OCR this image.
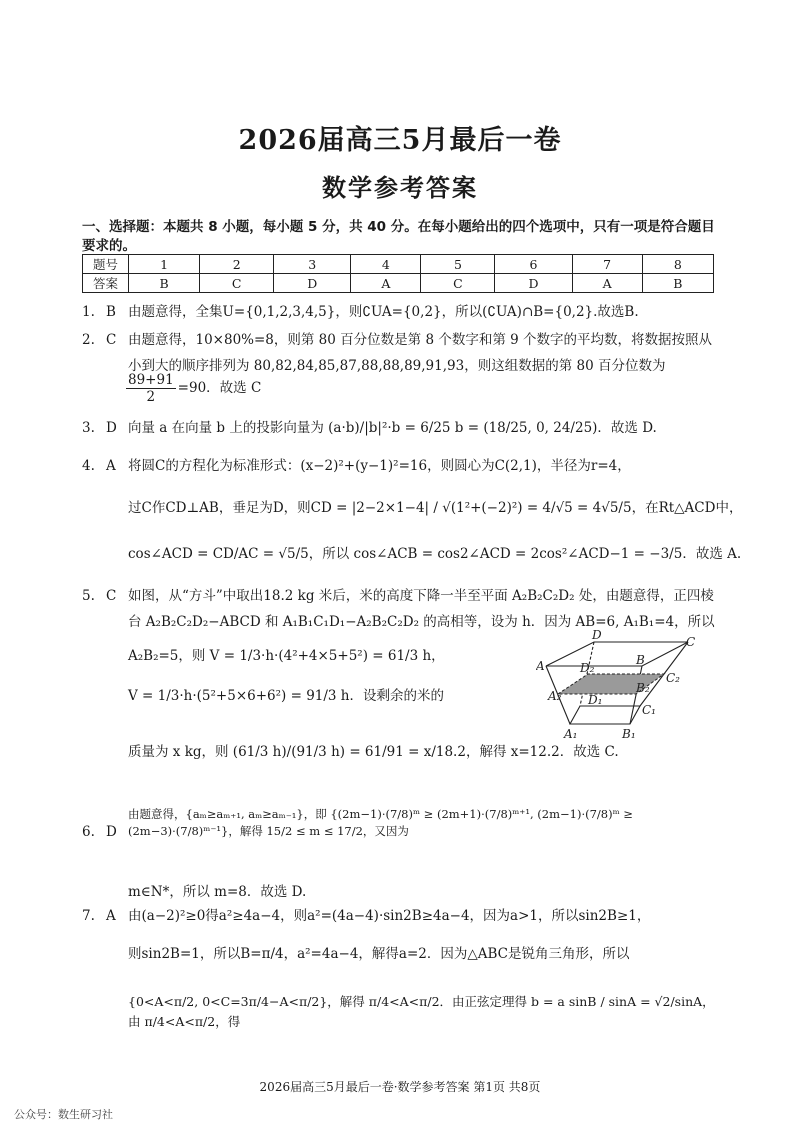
2026届高三5月最后一卷
数学参考答案
一、选择题：本题共 8 小题，每小题 5 分，共 40 分。在每小题给出的四个选项中，只有一项是符合题目要求的。
题号	1	2	3	4	5	6	7	8
答案	B	C	D	A	C	D	A	B
1. B 由题意得，全集U={0,1,2,3,4,5}，则∁UA={0,2}，所以(∁UA)∩B={0,2}.故选B.
2. C 由题意得，10×80%=8，则第 80 百分位数是第 8 个数字和第 9 个数字的平均数，将数据按照从
小到大的顺序排列为 80,82,84,85,87,88,88,89,91,93，则这组数据的第 80 百分位数为
$\frac{89+91}{2} =90$．故选 C
3. D 向量 a 在向量 b 上的投影向量为 (a·b)/|b|²·b = 6/25 b = (18/25, 0, 24/25)．故选 D.
4. A 将圆C的方程化为标准形式：(x−2)²+(y−1)²=16，则圆心为C(2,1)，半径为r=4，
过C作CD⊥AB，垂足为D，则CD = |2−2×1−4| / √(1²+(−2)²) = 4/√5 = 4√5/5，在Rt△ACD中，
cos∠ACD = CD/AC = √5/5，所以 cos∠ACB = cos2∠ACD = 2cos²∠ACD−1 = −3/5．故选 A.
5. C 如图，从“方斗”中取出18.2 kg 米后，米的高度下降一半至平面 A₂B₂C₂D₂ 处，由题意得，正四棱
台 A₂B₂C₂D₂−ABCD 和 A₁B₁C₁D₁−A₂B₂C₂D₂ 的高相等，设为 h．因为 AB=6, A₁B₁=4，所以
A₂B₂=5，则 V = 1/3·h·(4²+4×5+5²) = 61/3 h，
V = 1/3·h·(5²+5×6+6²) = 91/3 h．设剩余的米的
质量为 x kg，则 (61/3 h)/(91/3 h) = 61/91 = x/18.2，解得 x=12.2．故选 C.
A
D	C
B
A₂
D₂
C₂
B₂
D₁
C₁
A₁	B₁
6. D
由题意得，{aₘ≥aₘ₊₁, aₘ≥aₘ₋₁}，即 {(2m−1)·(7/8)ᵐ ≥ (2m+1)·(7/8)ᵐ⁺¹, (2m−1)·(7/8)ᵐ ≥ (2m−3)·(7/8)ᵐ⁻¹}，解得 15/2 ≤ m ≤ 17/2，又因为
m∈N*，所以 m=8．故选 D.
7. A 由(a−2)²≥0得a²≥4a−4，则a²=(4a−4)·sin2B≥4a−4，因为a>1，所以sin2B≥1，
则sin2B=1，所以B=π/4，a²=4a−4，解得a=2．因为△ABC是锐角三角形，所以
{0<A<π/2, 0<C=3π/4−A<π/2}，解得 π/4<A<π/2．由正弦定理得 b = a sinB / sinA = √2/sinA，由 π/4<A<π/2，得
2026届高三5月最后一卷·数学参考答案 第1页 共8页
公众号：数生研习社
